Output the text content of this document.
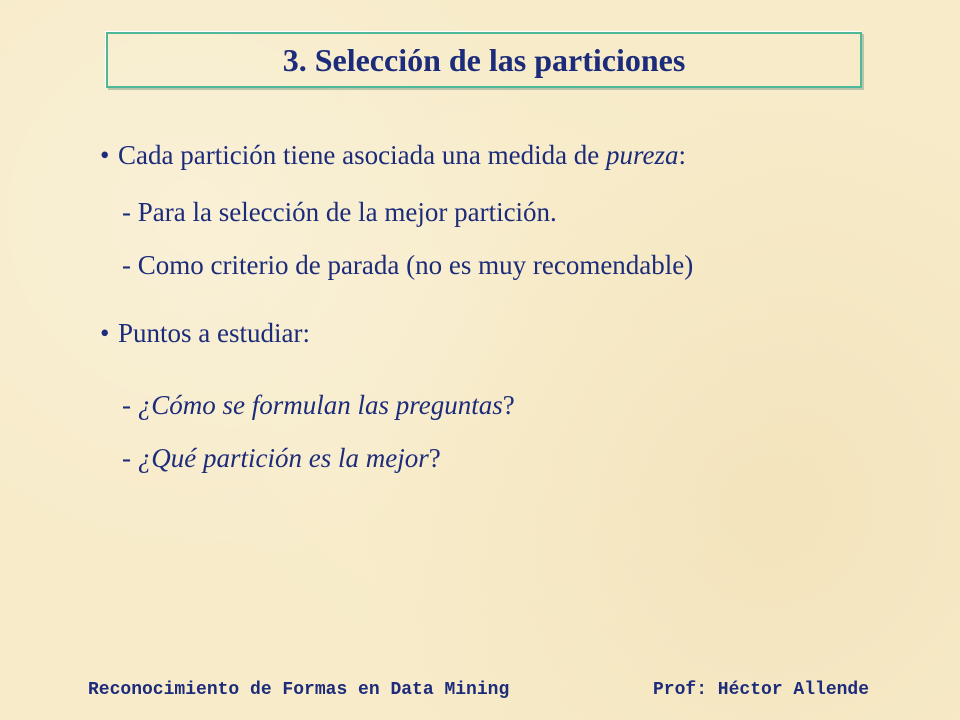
3. Selección de las particiones
• Cada partición tiene asociada una medida de pureza:
- Para la selección de la mejor partición.
- Como criterio de parada (no es muy recomendable)
• Puntos a estudiar:
- ¿Cómo se formulan las preguntas?
- ¿Qué partición es la mejor?
Reconocimiento de Formas en Data Mining	Prof: Héctor Allende
